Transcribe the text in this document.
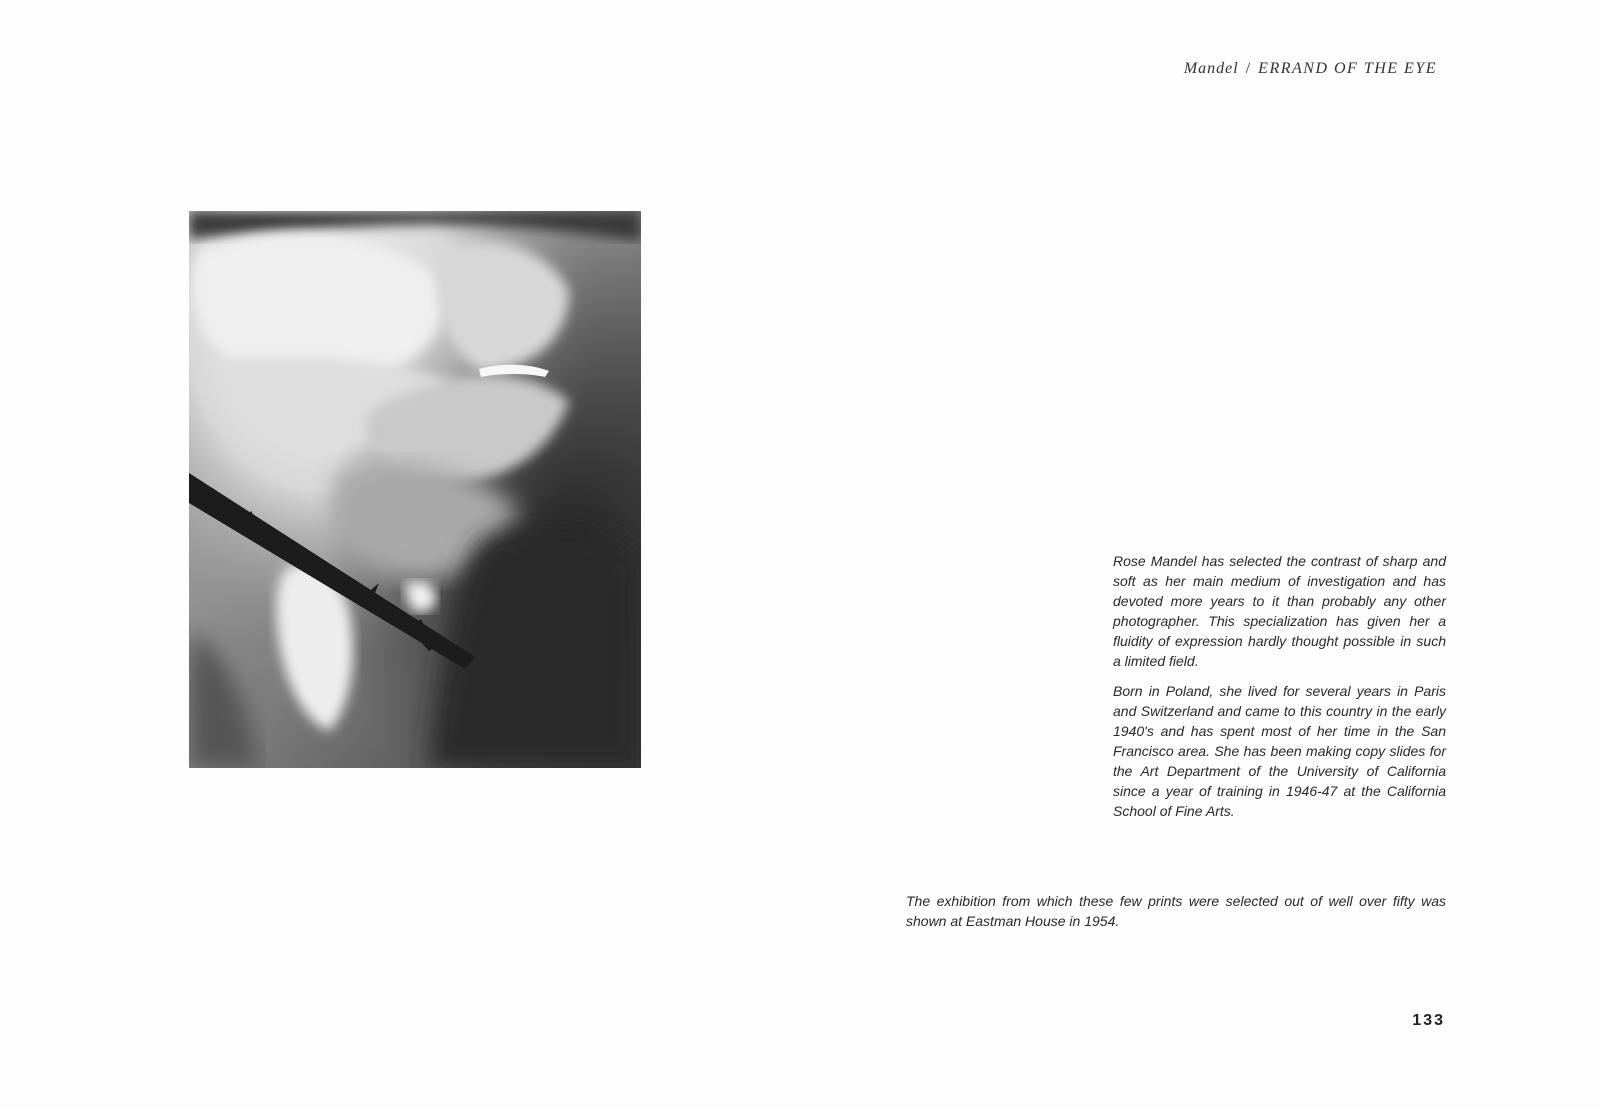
Mandel / ERRAND OF THE EYE

Rose Mandel has selected the contrast of sharp and soft as her main medium of investigation and has devoted more years to it than probably any other photographer. This specialization has given her a fluidity of expression hardly thought possible in such a limited field.

Born in Poland, she lived for several years in Paris and Switzerland and came to this country in the early 1940's and has spent most of her time in the San Francisco area. She has been making copy slides for the Art Department of the University of California since a year of training in 1946-47 at the California School of Fine Arts.

The exhibition from which these few prints were selected out of well over fifty was shown at Eastman House in 1954.
133
